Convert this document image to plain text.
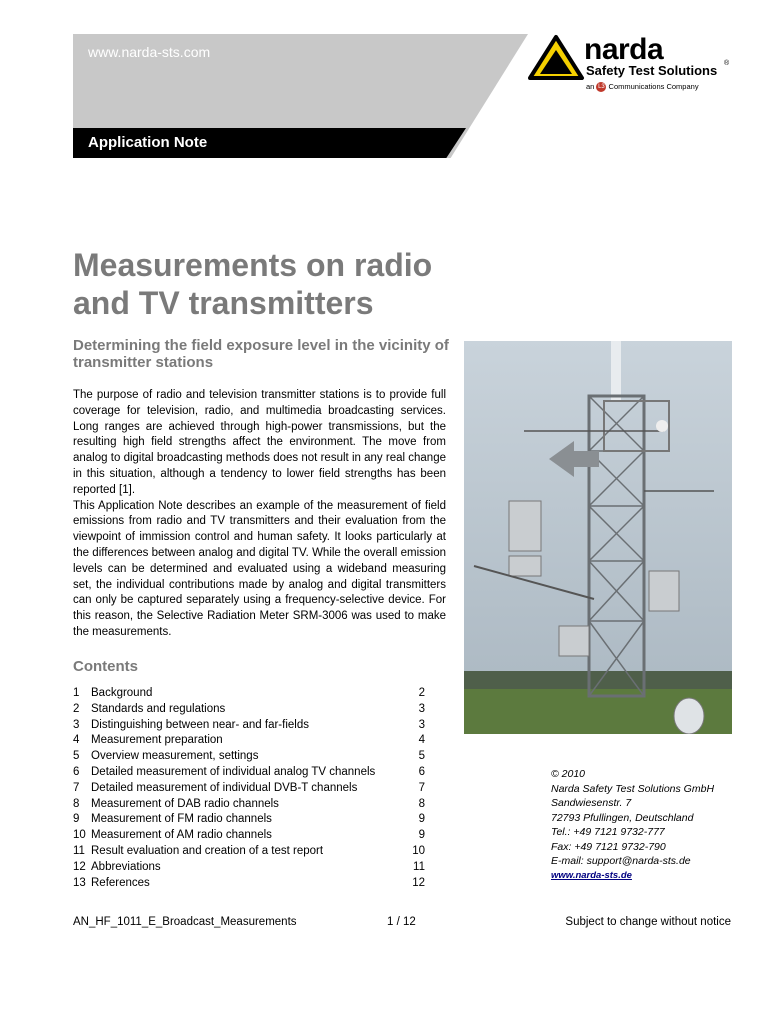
www.narda-sts.com
Application Note
narda
Safety Test Solutions ®
an L3 Communications Company
Measurements on radio and TV transmitters
Determining the field exposure level in the vicinity of transmitter stations

The purpose of radio and television transmitter stations is to provide full coverage for television, radio, and multimedia broadcasting services. Long ranges are achieved through high-power transmissions, but the resulting high field strengths affect the environment. The move from analog to digital broadcasting methods does not result in any real change in this situation, although a tendency to lower field strengths has been reported [1].

This Application Note describes an example of the measurement of field emissions from radio and TV transmitters and their evaluation from the viewpoint of immission control and human safety. It looks particularly at the differences between analog and digital TV. While the overall emission levels can be determined and evaluated using a wideband measuring set, the individual contributions made by analog and digital transmitters can only be captured separately using a frequency-selective device. For this reason, the Selective Radiation Meter SRM-3006 was used to make the measurements.

Contents
1 Background	2
2 Standards and regulations	3
3 Distinguishing between near- and far-fields	3
4 Measurement preparation	4
5 Overview measurement, settings	5
6 Detailed measurement of individual analog TV channels	6
7 Detailed measurement of individual DVB-T channels	7
8 Measurement of DAB radio channels	8
9 Measurement of FM radio channels	9
10 Measurement of AM radio channels	9
11 Result evaluation and creation of a test report	10
12 Abbreviations	11
13 References	12
© 2010
Narda Safety Test Solutions GmbH
Sandwiesenstr. 7
72793 Pfullingen, Deutschland
Tel.: +49 7121 9732-777
Fax: +49 7121 9732-790
E-mail: support@narda-sts.de
www.narda-sts.de
AN_HF_1011_E_Broadcast_Measurements	1 / 12	Subject to change without notice
